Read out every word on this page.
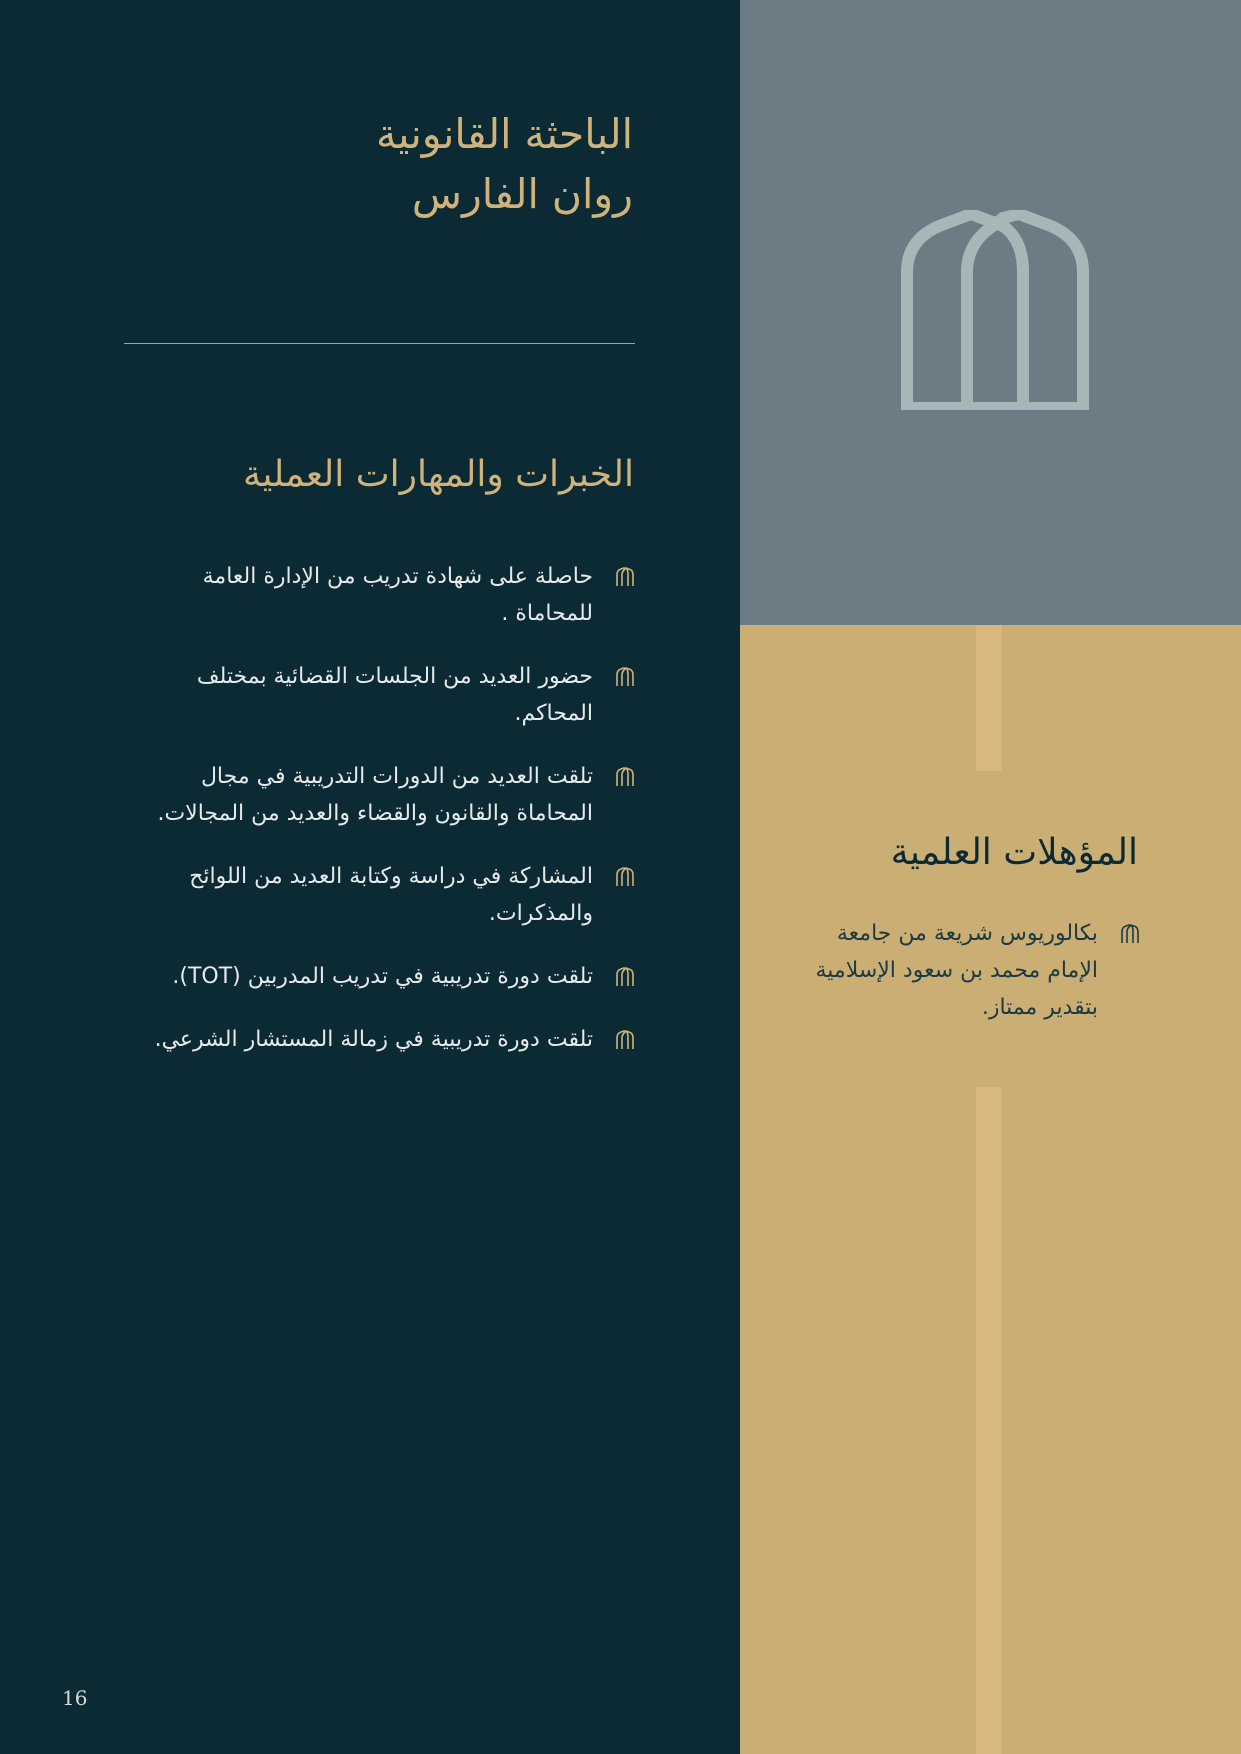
الباحثة القانونية
روان الفارس
الخبرات والمهارات العملية
حاصلة على شهادة تدريب من الإدارة العامة للمحاماة .
حضور العديد من الجلسات القضائية بمختلف المحاكم.
تلقت العديد من الدورات التدريبية في مجال المحاماة والقانون والقضاء والعديد من المجالات.
المشاركة في دراسة وكتابة العديد من اللوائح والمذكرات.
تلقت دورة تدريبية في تدريب المدربين (TOT).
تلقت دورة تدريبية في زمالة المستشار الشرعي.
المؤهلات العلمية
بكالوريوس شريعة من جامعة الإمام محمد بن سعود الإسلامية بتقدير ممتاز.
16
